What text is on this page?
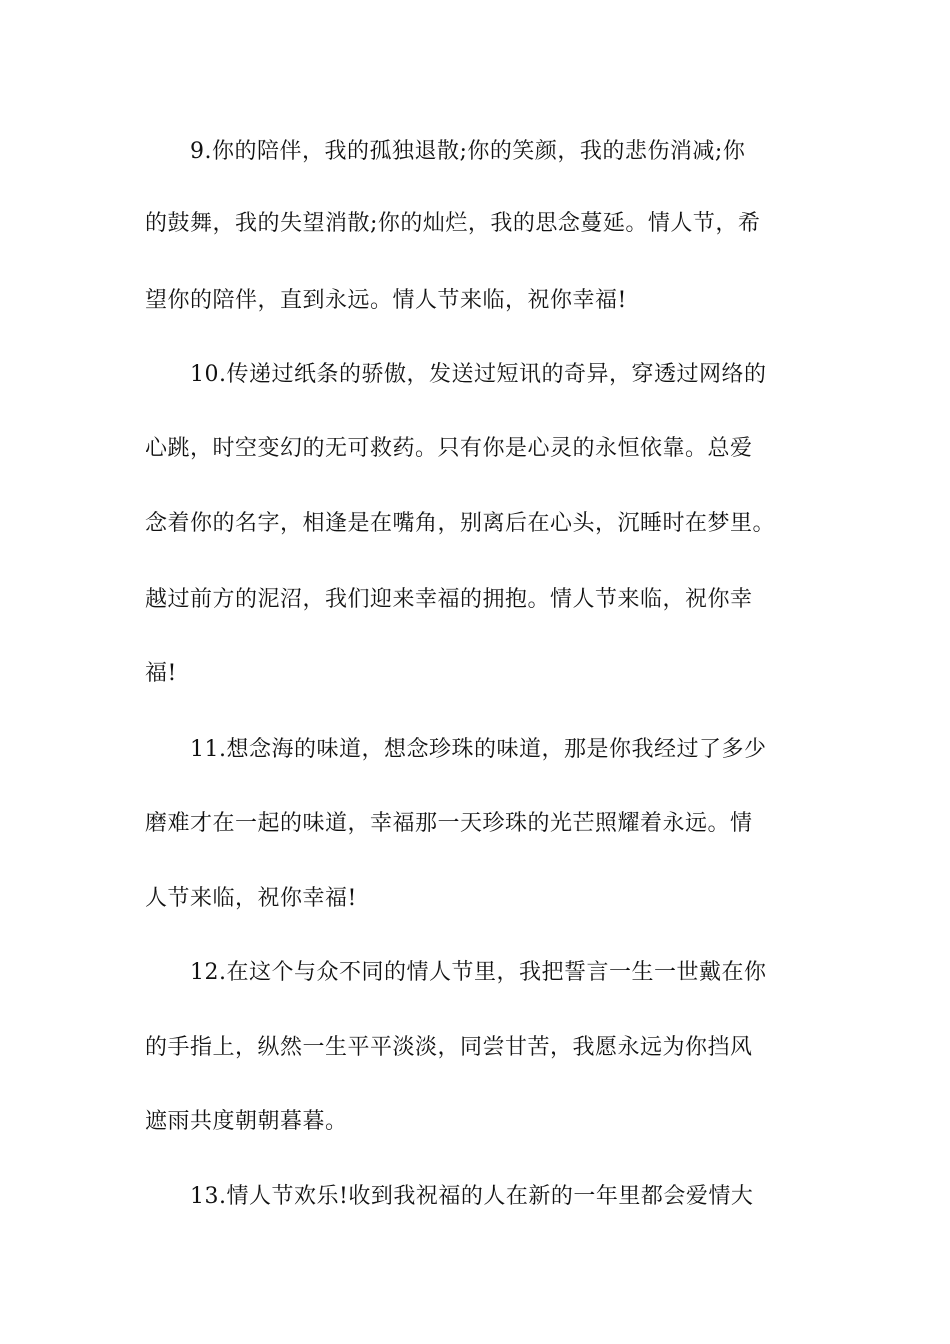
9.你的陪伴，我的孤独退散;你的笑颜，我的悲伤消减;你
的鼓舞，我的失望消散;你的灿烂，我的思念蔓延。情人节，希
望你的陪伴，直到永远。情人节来临，祝你幸福!
10.传递过纸条的骄傲，发送过短讯的奇异，穿透过网络的
心跳，时空变幻的无可救药。只有你是心灵的永恒依靠。总爱
念着你的名字，相逢是在嘴角，别离后在心头，沉睡时在梦里。
越过前方的泥沼，我们迎来幸福的拥抱。情人节来临，祝你幸
福!
11.想念海的味道，想念珍珠的味道，那是你我经过了多少
磨难才在一起的味道，幸福那一天珍珠的光芒照耀着永远。情
人节来临，祝你幸福!
12.在这个与众不同的情人节里，我把誓言一生一世戴在你
的手指上，纵然一生平平淡淡，同尝甘苦，我愿永远为你挡风
遮雨共度朝朝暮暮。
13.情人节欢乐!收到我祝福的人在新的一年里都会爱情大
